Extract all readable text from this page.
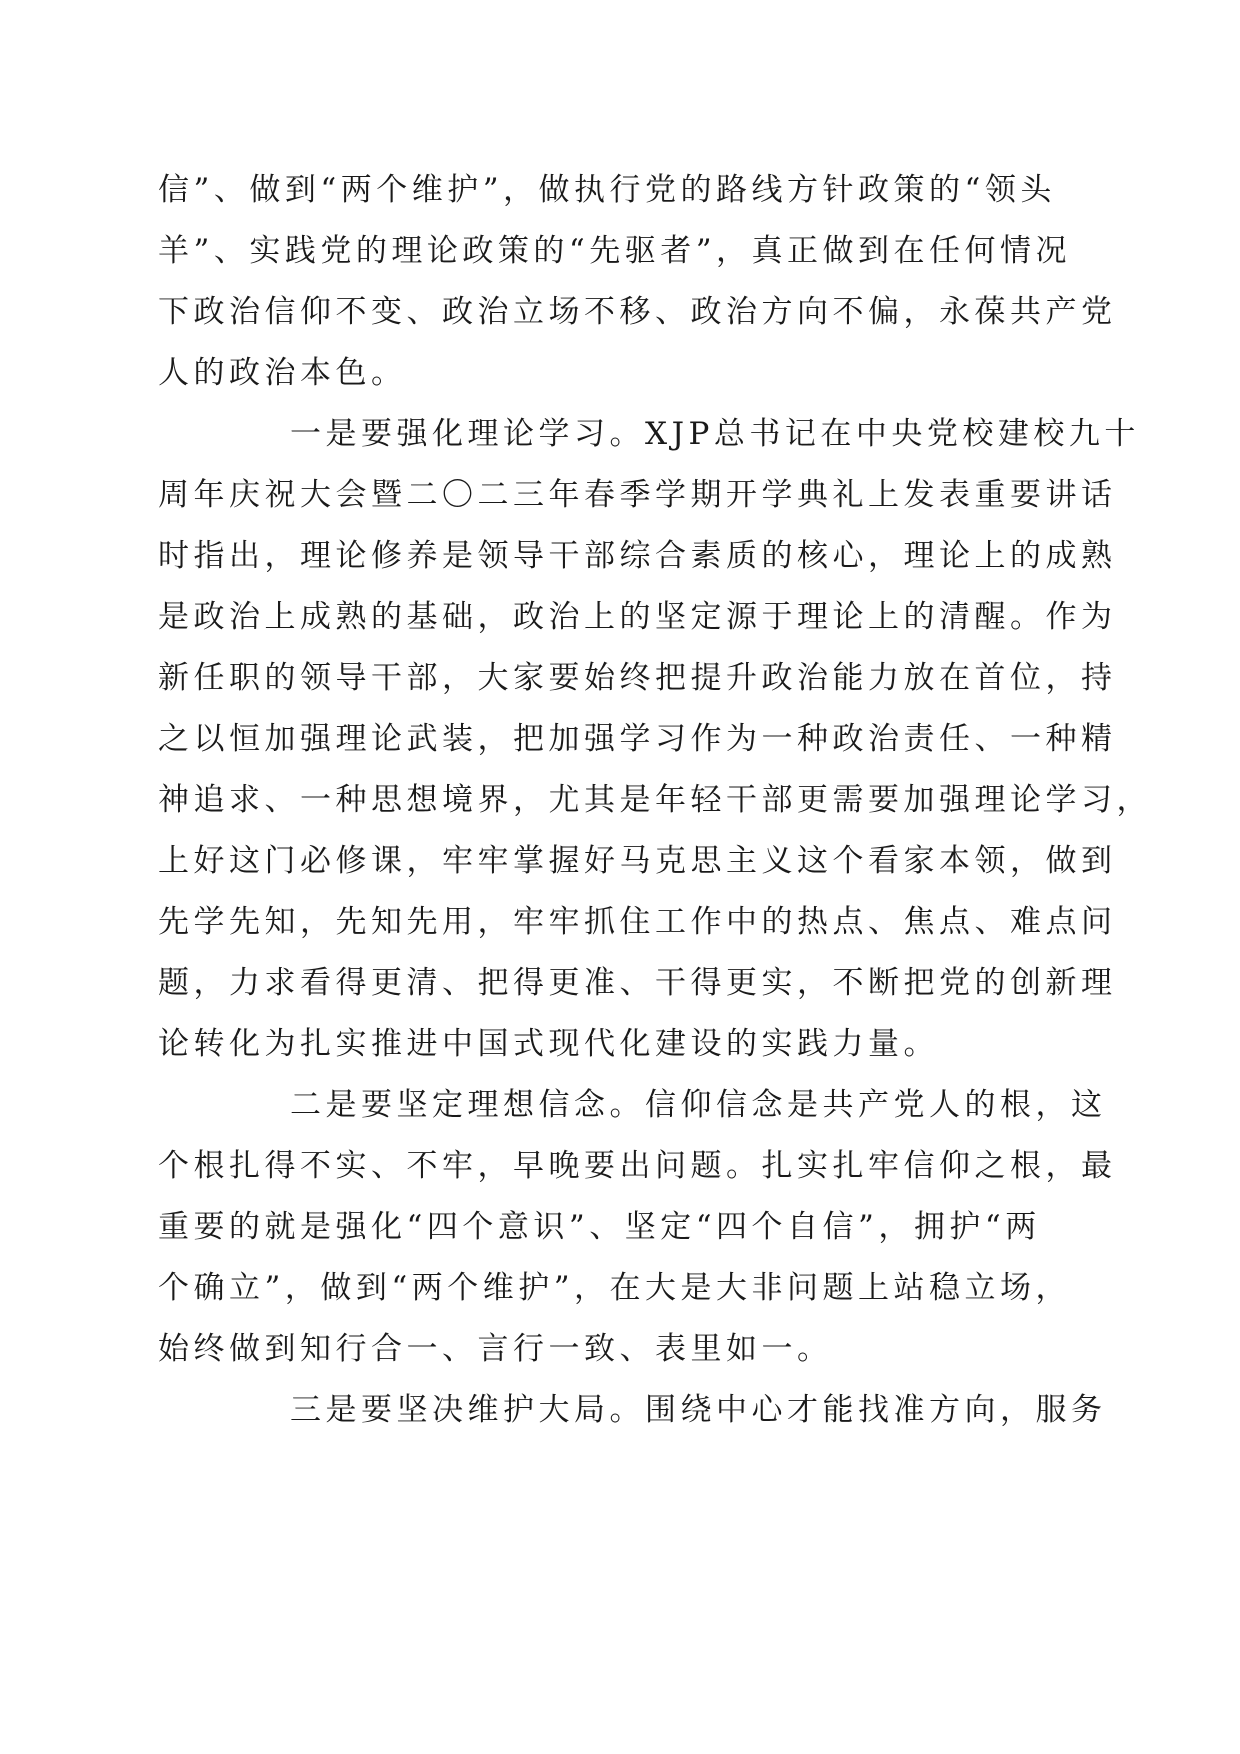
信”、做到“两个维护”，做执行党的路线方针政策的“领头
羊”、实践党的理论政策的“先驱者”，真正做到在任何情况
下政治信仰不变、政治立场不移、政治方向不偏，永葆共产党
人的政治本色。
一是要强化理论学习。XJP总书记在中央党校建校九十
周年庆祝大会暨二〇二三年春季学期开学典礼上发表重要讲话
时指出，理论修养是领导干部综合素质的核心，理论上的成熟
是政治上成熟的基础，政治上的坚定源于理论上的清醒。作为
新任职的领导干部，大家要始终把提升政治能力放在首位，持
之以恒加强理论武装，把加强学习作为一种政治责任、一种精
神追求、一种思想境界，尤其是年轻干部更需要加强理论学习，
上好这门必修课，牢牢掌握好马克思主义这个看家本领，做到
先学先知，先知先用，牢牢抓住工作中的热点、焦点、难点问
题，力求看得更清、把得更准、干得更实，不断把党的创新理
论转化为扎实推进中国式现代化建设的实践力量。
二是要坚定理想信念。信仰信念是共产党人的根，这
个根扎得不实、不牢，早晚要出问题。扎实扎牢信仰之根，最
重要的就是强化“四个意识”、坚定“四个自信”，拥护“两
个确立”，做到“两个维护”，在大是大非问题上站稳立场，
始终做到知行合一、言行一致、表里如一。
三是要坚决维护大局。围绕中心才能找准方向，服务
